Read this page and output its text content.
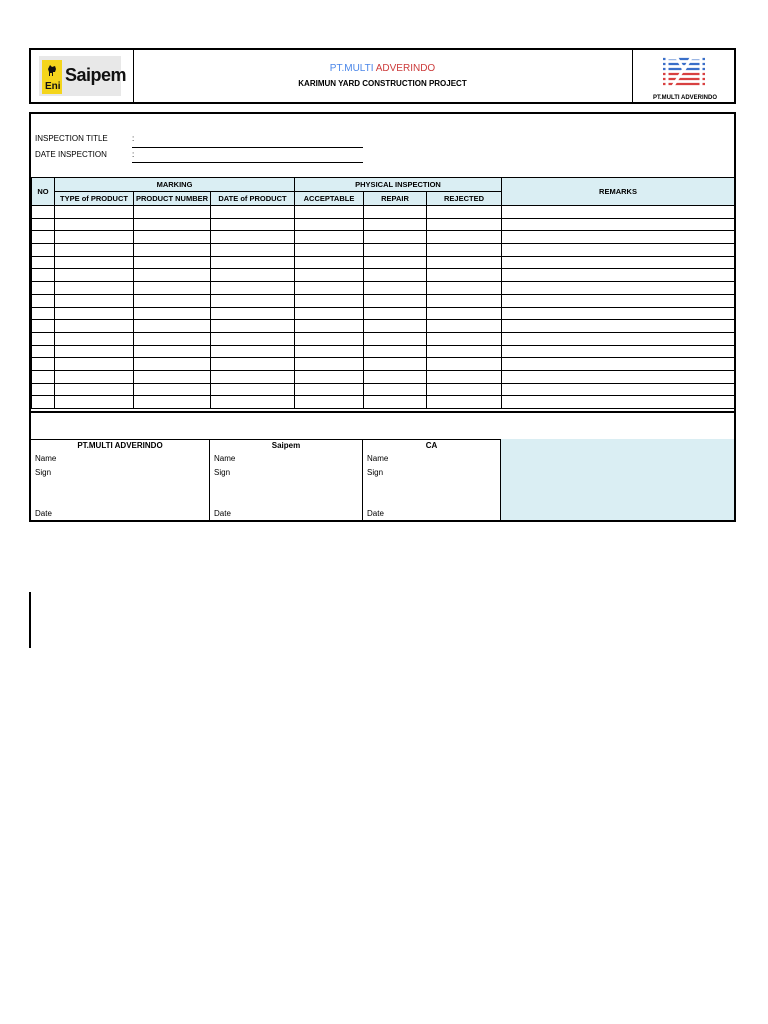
Eni
Saipem	PT.MULTI ADVERINDO
KARIMUN YARD CONSTRUCTION PROJECT
PT.MULTI ADVERINDO
INSPECTION TITLE	:
DATE INSPECTION	:
NO	MARKING			PHYSICAL INSPECTION			REMARKS
	TYPE of PRODUCT	PRODUCT NUMBER	DATE of PRODUCT	ACCEPTABLE	REPAIR	REJECTED	

PT.MULTI ADVERINDO
Name
Sign
Date
Saipem
Name
Sign
Date
CA
Name
Sign
Date
